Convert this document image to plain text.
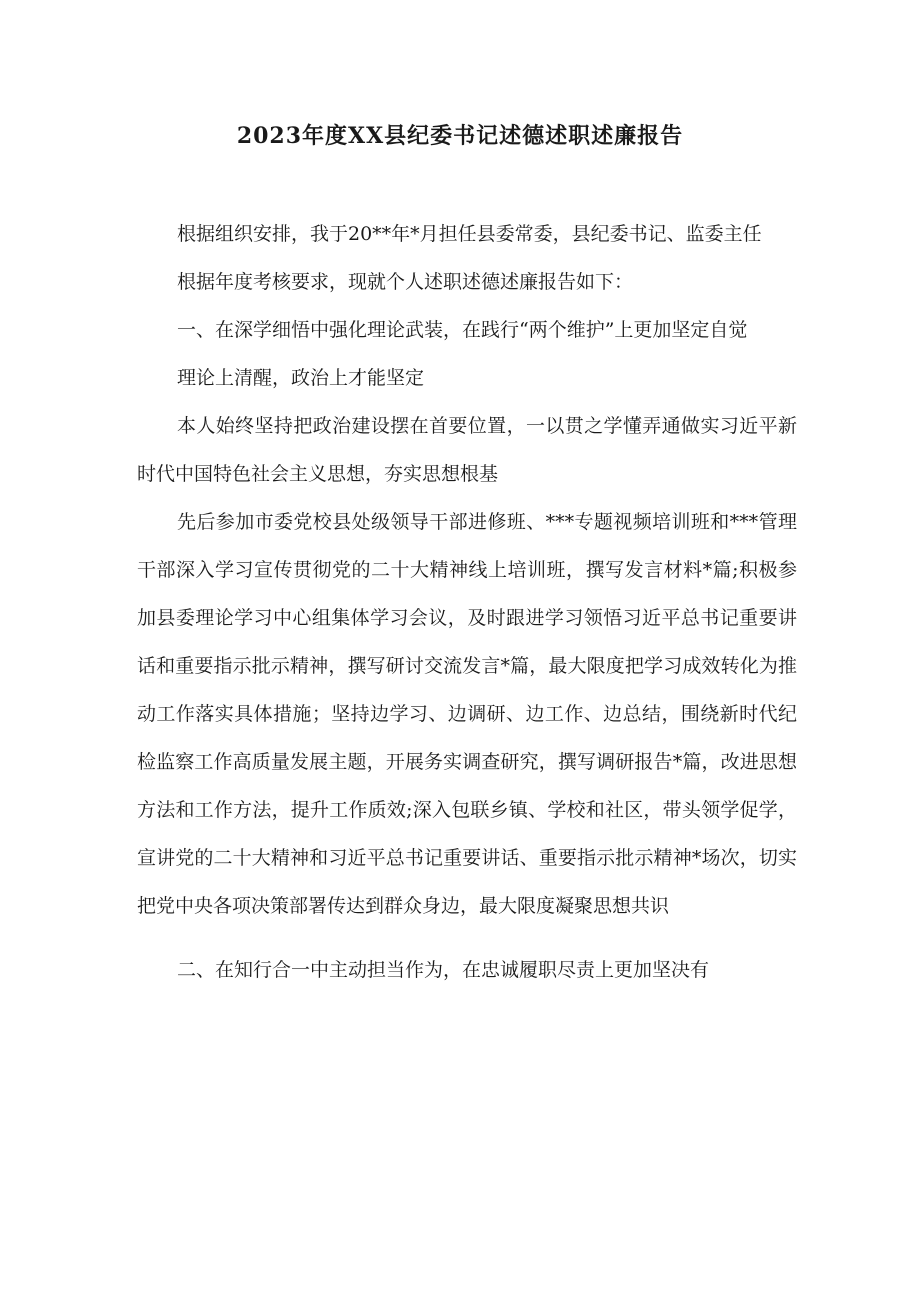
2023年度XX县纪委书记述德述职述廉报告

根据组织安排，我于20**年*月担任县委常委，县纪委书记、监委主任

根据年度考核要求，现就个人述职述德述廉报告如下：

一、在深学细悟中强化理论武装，在践行“两个维护”上更加坚定自觉

理论上清醒，政治上才能坚定

本人始终坚持把政治建设摆在首要位置，一以贯之学懂弄通做实习近平新时代中国特色社会主义思想，夯实思想根基

先后参加市委党校县处级领导干部进修班、***专题视频培训班和***管理干部深入学习宣传贯彻党的二十大精神线上培训班，撰写发言材料*篇;积极参加县委理论学习中心组集体学习会议，及时跟进学习领悟习近平总书记重要讲话和重要指示批示精神，撰写研讨交流发言*篇，最大限度把学习成效转化为推动工作落实具体措施；坚持边学习、边调研、边工作、边总结，围绕新时代纪检监察工作高质量发展主题，开展务实调查研究，撰写调研报告*篇，改进思想方法和工作方法，提升工作质效;深入包联乡镇、学校和社区，带头领学促学，宣讲党的二十大精神和习近平总书记重要讲话、重要指示批示精神*场次，切实把党中央各项决策部署传达到群众身边，最大限度凝聚思想共识

二、在知行合一中主动担当作为，在忠诚履职尽责上更加坚决有
